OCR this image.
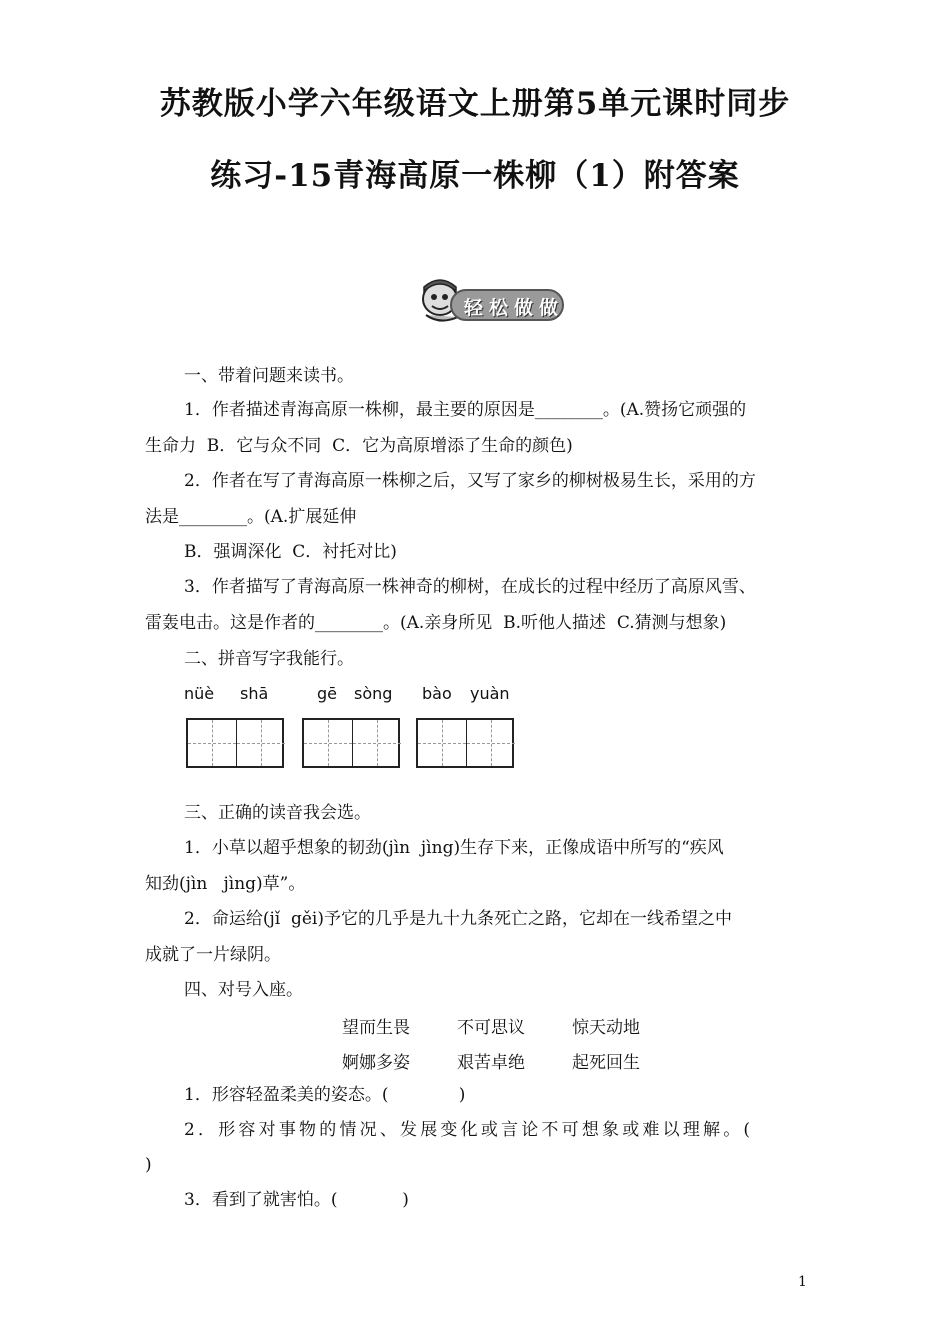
苏教版小学六年级语文上册第5单元课时同步
练习-15青海高原一株柳（1）附答案
轻松做做
一、带着问题来读书。
1．作者描述青海高原一株柳，最主要的原因是________。(A.赞扬它顽强的
生命力  B．它与众不同  C．它为高原增添了生命的颜色)
2．作者在写了青海高原一株柳之后，又写了家乡的柳树极易生长，采用的方
法是________。(A.扩展延伸
B．强调深化  C．衬托对比)
3．作者描写了青海高原一株神奇的柳树，在成长的过程中经历了高原风雪、
雷轰电击。这是作者的________。(A.亲身所见  B.听他人描述  C.猜测与想象)
二、拼音写字我能行。
nüè shā	gē sòng bào yuàn
三、正确的读音我会选。
1．小草以超乎想象的韧劲(jìn  jìng)生存下来，正像成语中所写的“疾风
知劲(jìn   jìng)草”。
2．命运给(jǐ  gěi)予它的几乎是九十九条死亡之路，它却在一线希望之中
成就了一片绿阴。
四、对号入座。
望而生畏	不可思议	惊天动地
婀娜多姿	艰苦卓绝	起死回生
1．形容轻盈柔美的姿态。(             )
2．形容对事物的情况、发展变化或言论不可想象或难以理解。(
)
3．看到了就害怕。(            )
1
